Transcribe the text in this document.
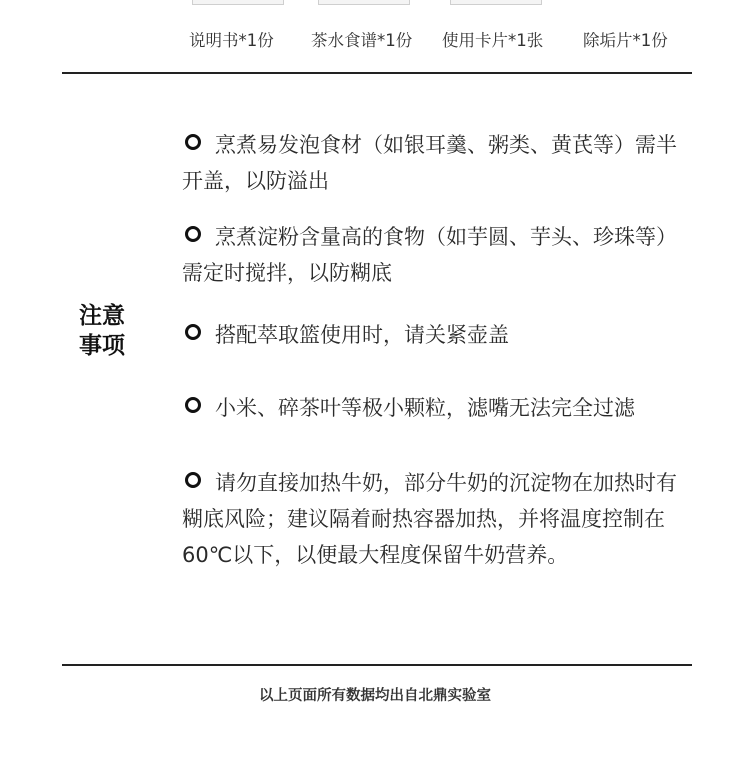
说明书*1份 茶水食谱*1份 使用卡片*1张 除垢片*1份
注意
事项
烹煮易发泡食材（如银耳羹、粥类、黄芪等）需半开盖，以防溢出
烹煮淀粉含量高的食物（如芋圆、芋头、珍珠等）需定时搅拌，以防糊底
搭配萃取篮使用时，请关紧壶盖
小米、碎茶叶等极小颗粒，滤嘴无法完全过滤
请勿直接加热牛奶，部分牛奶的沉淀物在加热时有糊底风险；建议隔着耐热容器加热，并将温度控制在 60℃以下，以便最大程度保留牛奶营养。
以上页面所有数据均出自北鼎实验室
